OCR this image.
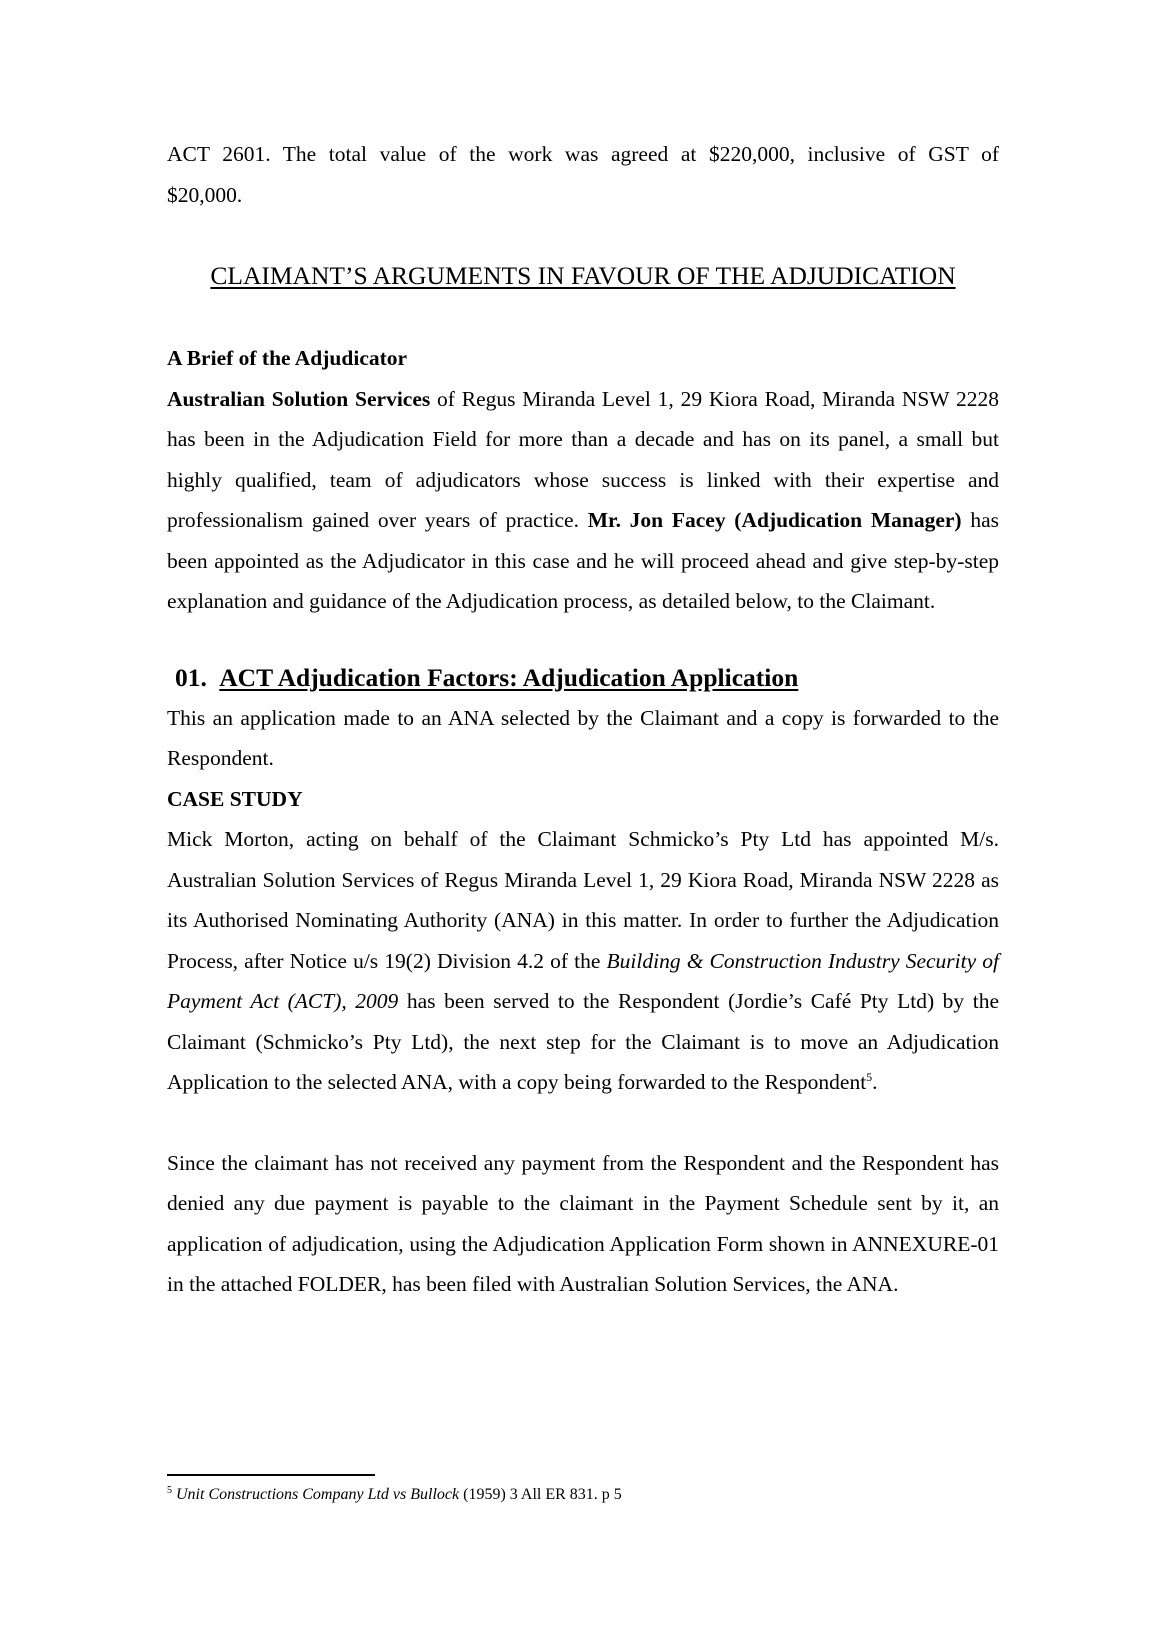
ACT 2601. The total value of the work was agreed at $220,000, inclusive of GST of

$20,000.

CLAIMANT’S ARGUMENTS IN FAVOUR OF THE ADJUDICATION

A Brief of the Adjudicator

Australian Solution Services of Regus Miranda Level 1, 29 Kiora Road, Miranda NSW 2228 has been in the Adjudication Field for more than a decade and has on its panel, a small but highly qualified, team of adjudicators whose success is linked with their expertise and professionalism gained over years of practice. Mr. Jon Facey (Adjudication Manager) has been appointed as the Adjudicator in this case and he will proceed ahead and give step-by-step explanation and guidance of the Adjudication process, as detailed below, to the Claimant.

01. ACT Adjudication Factors: Adjudication Application

This an application made to an ANA selected by the Claimant and a copy is forwarded to the Respondent.

CASE STUDY

Mick Morton, acting on behalf of the Claimant Schmicko’s Pty Ltd has appointed M/s. Australian Solution Services of Regus Miranda Level 1, 29 Kiora Road, Miranda NSW 2228 as its Authorised Nominating Authority (ANA) in this matter. In order to further the Adjudication Process, after Notice u/s 19(2) Division 4.2 of the Building & Construction Industry Security of Payment Act (ACT), 2009 has been served to the Respondent (Jordie’s Café Pty Ltd) by the Claimant (Schmicko’s Pty Ltd), the next step for the Claimant is to move an Adjudication Application to the selected ANA, with a copy being forwarded to the Respondent$^5$.

Since the claimant has not received any payment from the Respondent and the Respondent has denied any due payment is payable to the claimant in the Payment Schedule sent by it, an application of adjudication, using the Adjudication Application Form shown in ANNEXURE-01 in the attached FOLDER, has been filed with Australian Solution Services, the ANA.

$^5$ Unit Constructions Company Ltd vs Bullock (1959) 3 All ER 831. p 5
